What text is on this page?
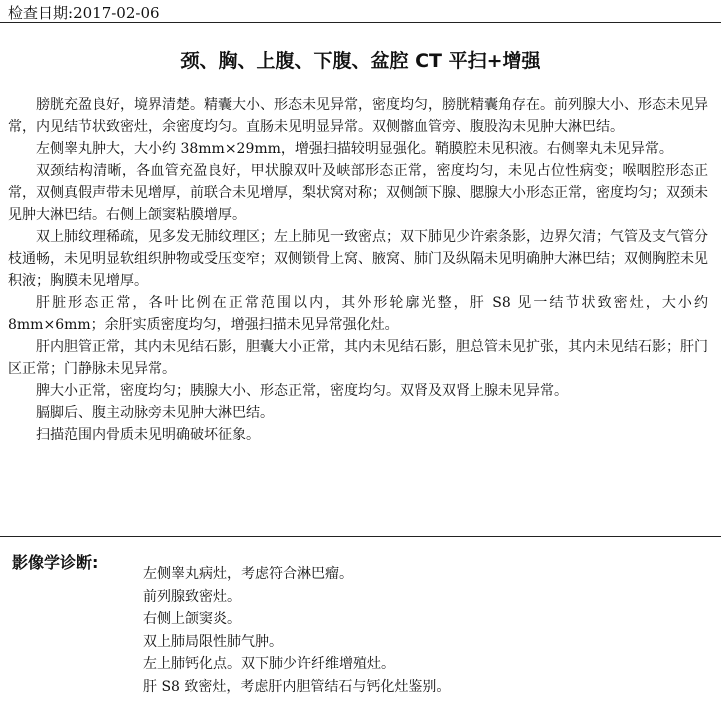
检查日期:2017-02-06
颈、胸、上腹、下腹、盆腔 CT 平扫+增强

膀胱充盈良好，境界清楚。精囊大小、形态未见异常，密度均匀，膀胱精囊角存在。前列腺大小、形态未见异常，内见结节状致密灶，余密度均匀。直肠未见明显异常。双侧髂血管旁、腹股沟未见肿大淋巴结。

左侧睾丸肿大，大小约 38mm×29mm，增强扫描较明显强化。鞘膜腔未见积液。右侧睾丸未见异常。

双颈结构清晰，各血管充盈良好，甲状腺双叶及峡部形态正常，密度均匀，未见占位性病变；喉咽腔形态正常，双侧真假声带未见增厚，前联合未见增厚，梨状窝对称；双侧颌下腺、腮腺大小形态正常，密度均匀；双颈未见肿大淋巴结。右侧上颌窦粘膜增厚。

双上肺纹理稀疏，见多发无肺纹理区；左上肺见一致密点；双下肺见少许索条影，边界欠清；气管及支气管分枝通畅，未见明显软组织肿物或受压变窄；双侧锁骨上窝、腋窝、肺门及纵隔未见明确肿大淋巴结；双侧胸腔未见积液；胸膜未见增厚。

肝脏形态正常，各叶比例在正常范围以内，其外形轮廓光整，肝 S8 见一结节状致密灶，大小约 8mm×6mm；余肝实质密度均匀，增强扫描未见异常强化灶。

肝内胆管正常，其内未见结石影，胆囊大小正常，其内未见结石影，胆总管未见扩张，其内未见结石影；肝门区正常；门静脉未见异常。

脾大小正常，密度均匀；胰腺大小、形态正常，密度均匀。双肾及双肾上腺未见异常。

膈脚后、腹主动脉旁未见肿大淋巴结。

扫描范围内骨质未见明确破坏征象。

影像学诊断:
左侧睾丸病灶，考虑符合淋巴瘤。
前列腺致密灶。
右侧上颌窦炎。
双上肺局限性肺气肿。
左上肺钙化点。双下肺少许纤维增殖灶。
肝 S8 致密灶，考虑肝内胆管结石与钙化灶鉴别。
